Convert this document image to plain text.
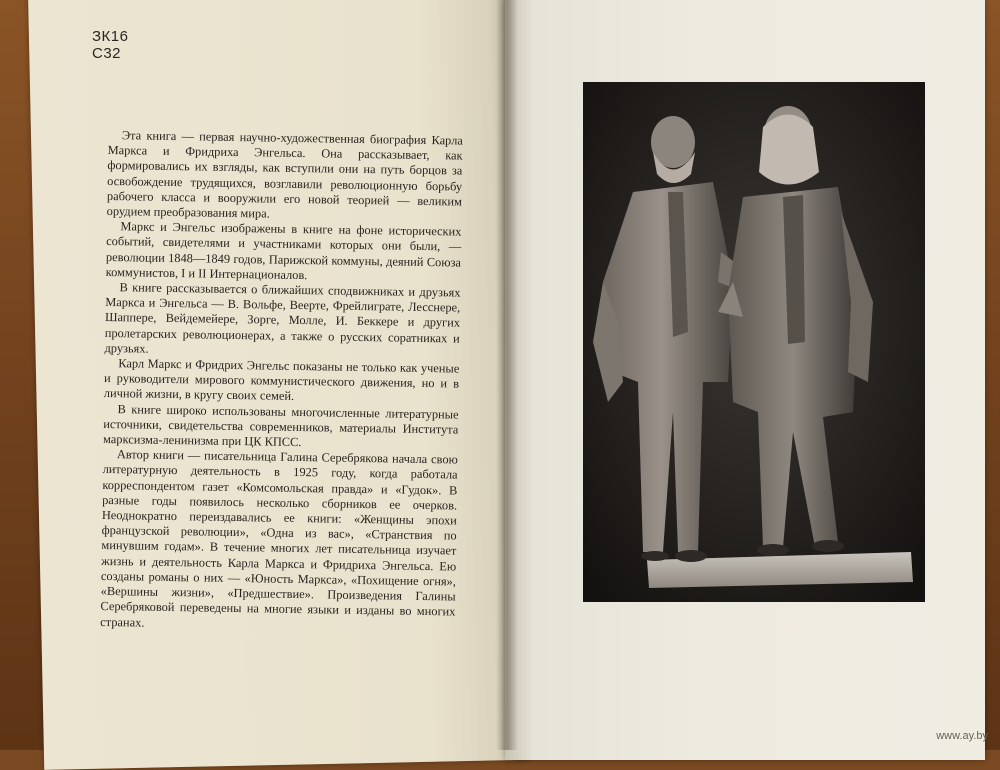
ЗК16
С32

Эта книга — первая научно-художественная биография Карла Маркса и Фридриха Энгельса. Она рассказывает, как формировались их взгляды, как вступили они на путь борцов за освобождение трудящихся, возглавили революционную борьбу рабочего класса и вооружили его новой теорией — великим орудием преобразования мира.

Маркс и Энгельс изображены в книге на фоне исторических событий, свидетелями и участниками которых они были, — революции 1848—1849 годов, Парижской коммуны, деяний Союза коммунистов, I и II Интернационалов.

В книге рассказывается о ближайших сподвижниках и друзьях Маркса и Энгельса — В. Вольфе, Веерте, Фрейлиграте, Лесснере, Шаппере, Вейдемейере, Зорге, Молле, И. Беккере и других пролетарских революционерах, а также о русских соратниках и друзьях.

Карл Маркс и Фридрих Энгельс показаны не только как ученые и руководители мирового коммунистического движения, но и в личной жизни, в кругу своих семей.

В книге широко использованы многочисленные литературные источники, свидетельства современников, материалы Института марксизма-ленинизма при ЦК КПСС.

Автор книги — писательница Галина Серебрякова начала свою литературную деятельность в 1925 году, когда работала корреспондентом газет «Комсомольская правда» и «Гудок». В разные годы появилось несколько сборников ее очерков. Неоднократно переиздавались ее книги: «Женщины эпохи французской революции», «Одна из вас», «Странствия по минувшим годам». В течение многих лет писательница изучает жизнь и деятельность Карла Маркса и Фридриха Энгельса. Ею созданы романы о них — «Юность Маркса», «Похищение огня», «Вершины жизни», «Предшествие». Произведения Галины Серебряковой переведены на многие языки и изданы во многих странах.

www.ay.by
